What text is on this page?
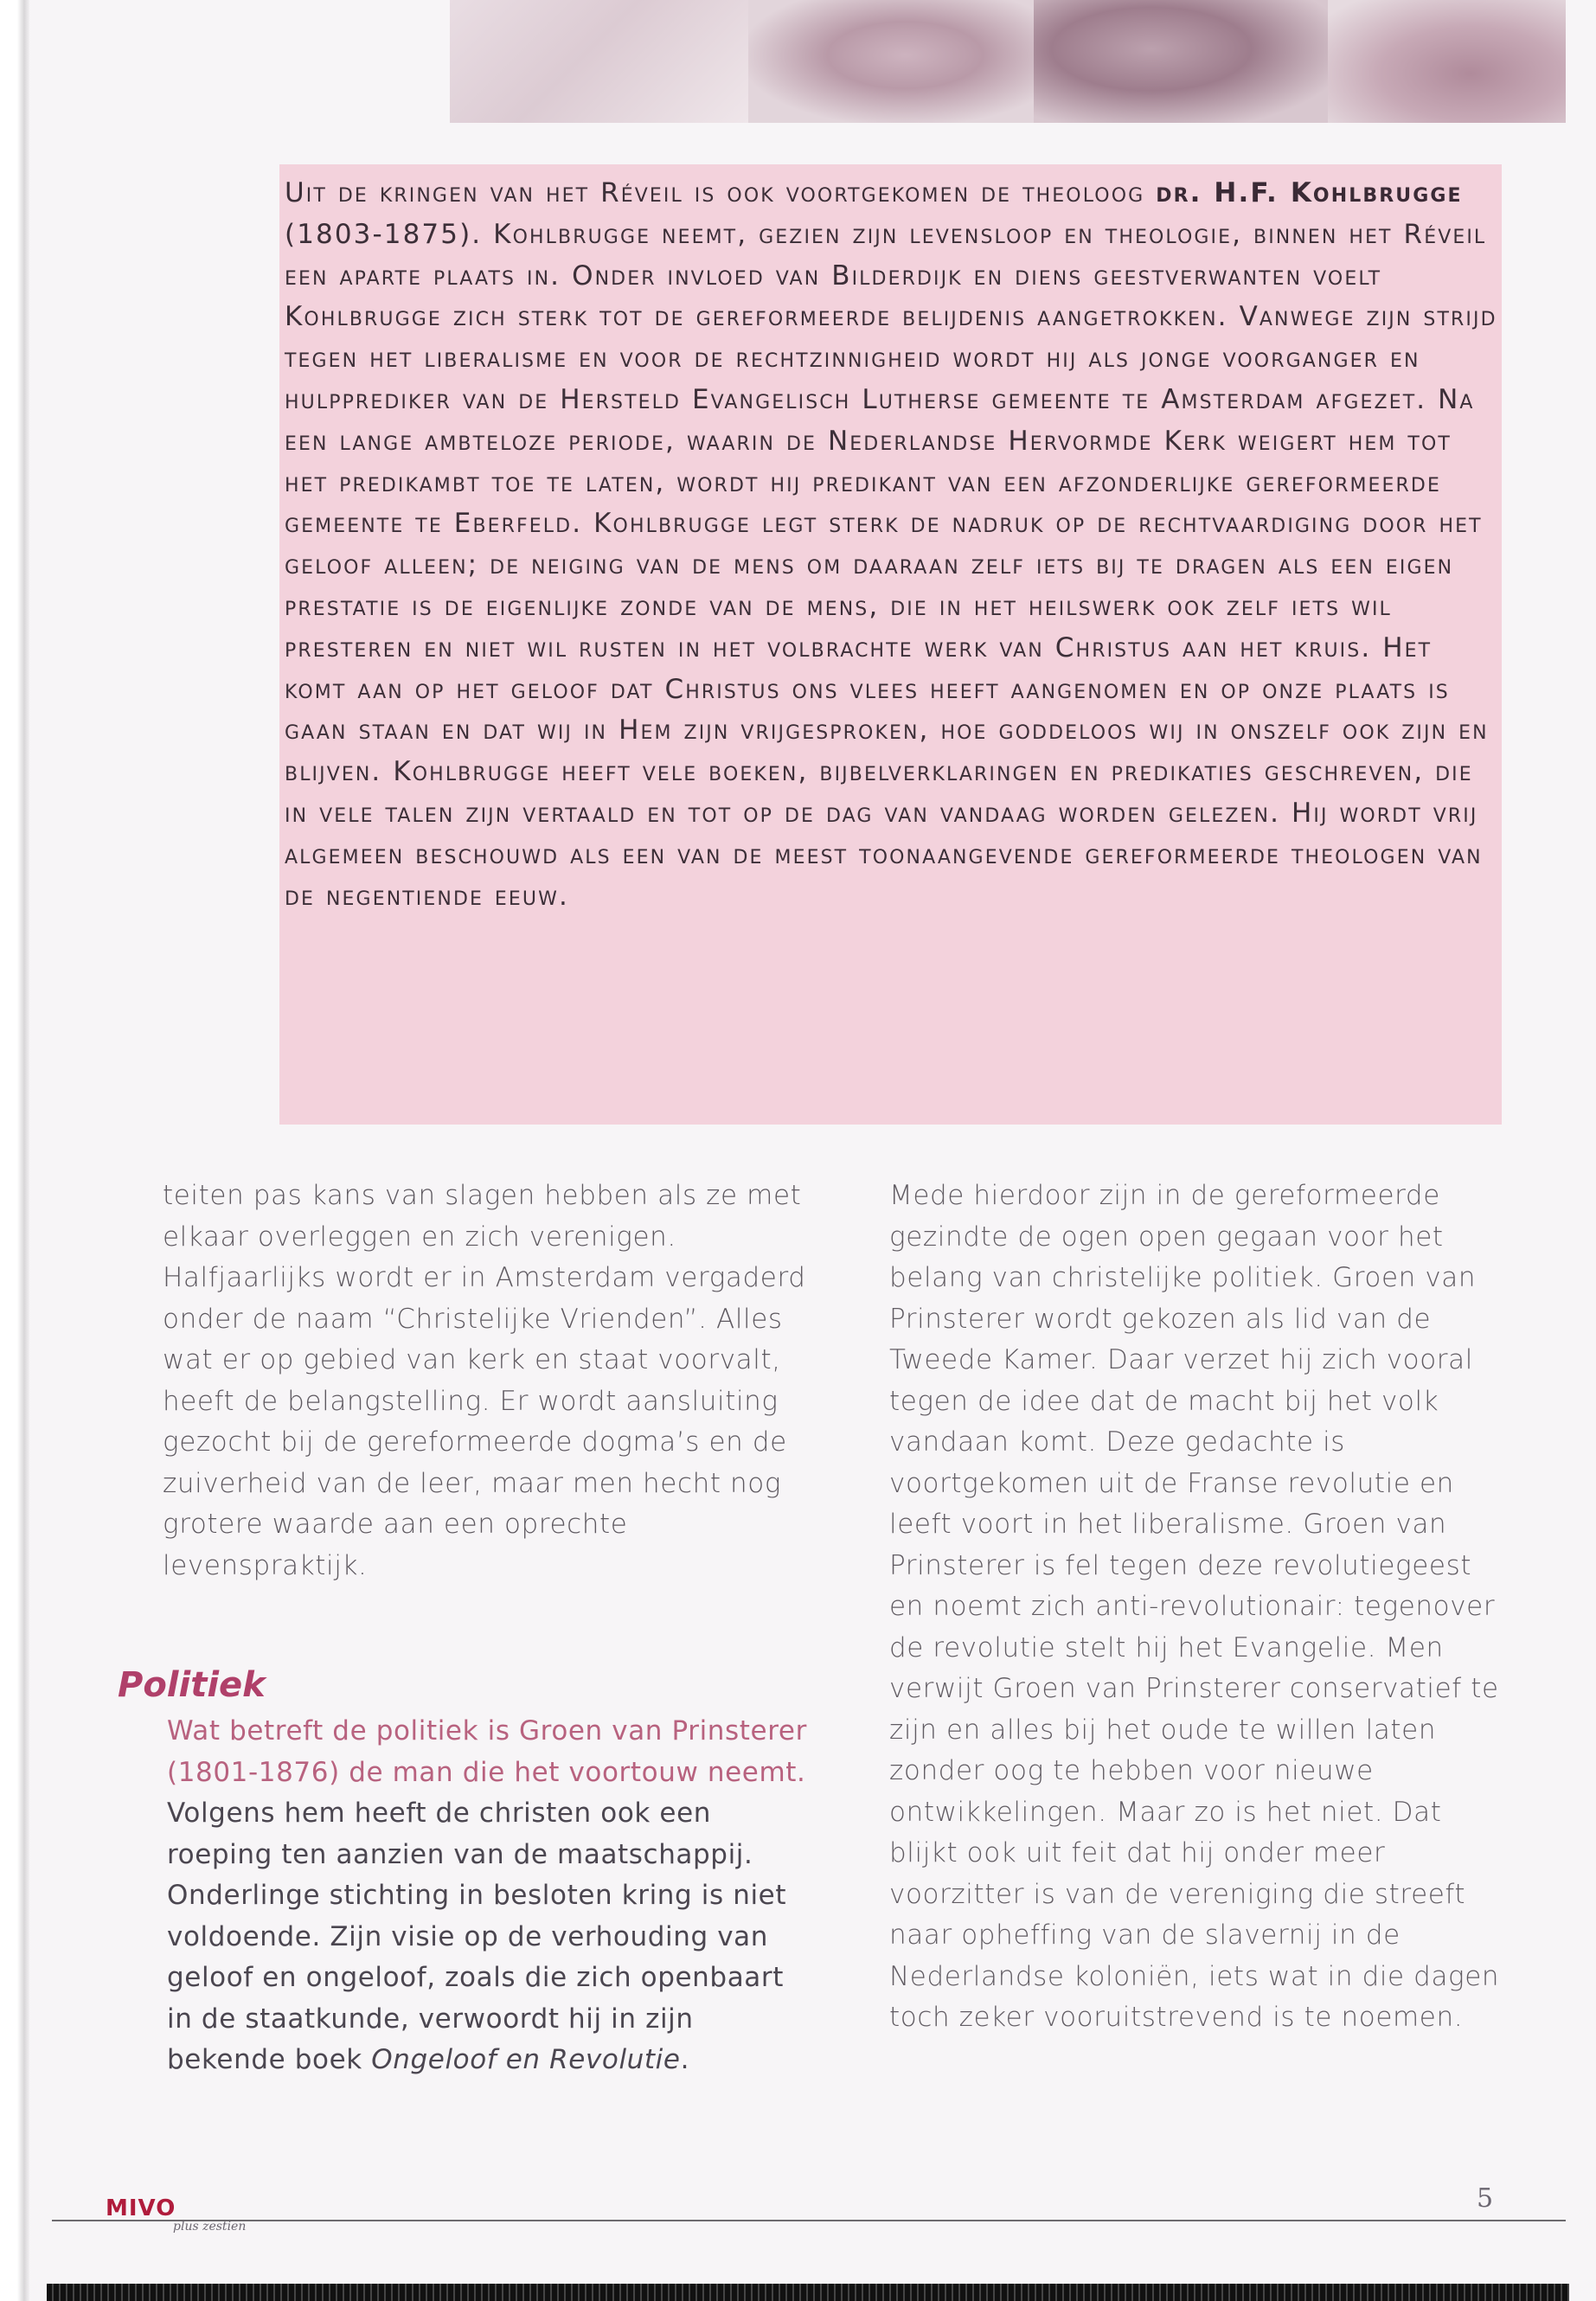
Uit de kringen van het Réveil is ook voortgekomen de theoloog dr. H.F. Kohlbrugge (1803-1875). Kohlbrugge neemt, gezien zijn levensloop en theologie, binnen het Réveil een aparte plaats in. Onder invloed van Bilderdijk en diens geestverwanten voelt Kohlbrugge zich sterk tot de gereformeerde belijdenis aangetrokken. Vanwege zijn strijd tegen het liberalisme en voor de rechtzinnigheid wordt hij als jonge voorganger en hulpprediker van de Hersteld Evangelisch Lutherse gemeente te Amsterdam afgezet. Na een lange ambteloze periode, waarin de Nederlandse Hervormde Kerk weigert hem tot het predikambt toe te laten, wordt hij predikant van een afzonderlijke gereformeerde gemeente te Eberfeld. Kohlbrugge legt sterk de nadruk op de rechtvaardiging door het geloof alleen; de neiging van de mens om daaraan zelf iets bij te dragen als een eigen prestatie is de eigenlijke zonde van de mens, die in het heilswerk ook zelf iets wil presteren en niet wil rusten in het volbrachte werk van Christus aan het kruis. Het komt aan op het geloof dat Christus ons vlees heeft aangenomen en op onze plaats is gaan staan en dat wij in Hem zijn vrijgesproken, hoe goddeloos wij in onszelf ook zijn en blijven. Kohlbrugge heeft vele boeken, bijbelverklaringen en predikaties geschreven, die in vele talen zijn vertaald en tot op de dag van vandaag worden gelezen. Hij wordt vrij algemeen beschouwd als een van de meest toonaangevende gereformeerde theologen van de negentiende eeuw.

teiten pas kans van slagen hebben als ze met elkaar overleggen en zich verenigen. Halfjaarlijks wordt er in Amsterdam vergaderd onder de naam “Christelijke Vrienden”. Alles wat er op gebied van kerk en staat voorvalt, heeft de belangstelling. Er wordt aansluiting gezocht bij de gereformeerde dogma’s en de zuiverheid van de leer, maar men hecht nog grotere waarde aan een oprechte levenspraktijk.

Politiek
Wat betreft de politiek is Groen van Prinsterer (1801-1876) de man die het voortouw neemt. Volgens hem heeft de christen ook een roeping ten aanzien van de maatschappij. Onderlinge stichting in besloten kring is niet voldoende. Zijn visie op de verhouding van geloof en ongeloof, zoals die zich openbaart in de staatkunde, verwoordt hij in zijn bekende boek Ongeloof en Revolutie.

Mede hierdoor zijn in de gereformeerde gezindte de ogen open gegaan voor het belang van christelijke politiek. Groen van Prinsterer wordt gekozen als lid van de Tweede Kamer. Daar verzet hij zich vooral tegen de idee dat de macht bij het volk vandaan komt. Deze gedachte is voortgekomen uit de Franse revolutie en leeft voort in het liberalisme. Groen van Prinsterer is fel tegen deze revolutiegeest en noemt zich anti-revolutionair: tegenover de revolutie stelt hij het Evangelie. Men verwijt Groen van Prinsterer conservatief te zijn en alles bij het oude te willen laten zonder oog te hebben voor nieuwe ontwikkelingen. Maar zo is het niet. Dat blijkt ook uit feit dat hij onder meer voorzitter is van de vereniging die streeft naar opheffing van de slavernij in de Nederlandse koloniën, iets wat in die dagen toch zeker vooruitstrevend is te noemen.

MIVO
plus zestien
5
